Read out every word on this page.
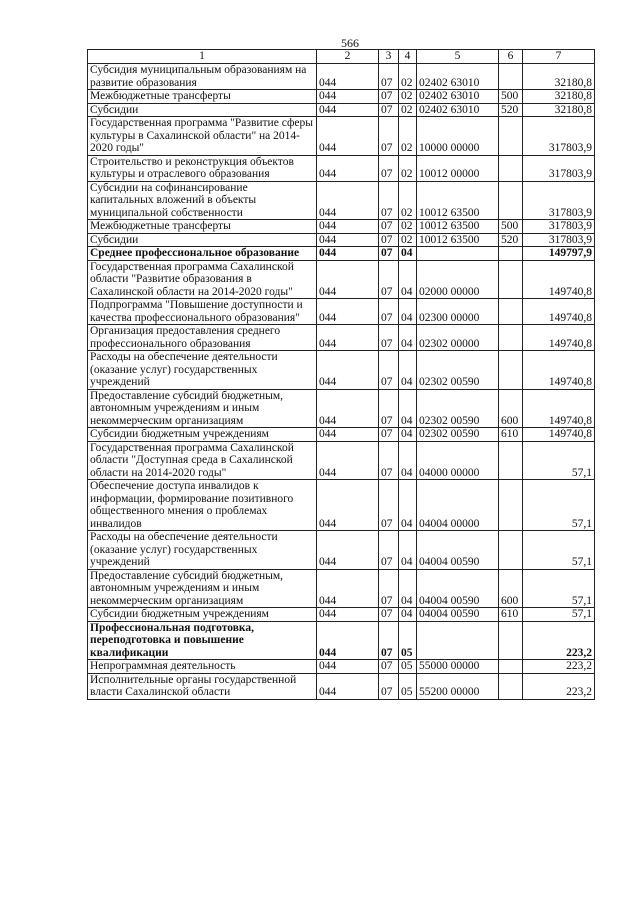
566
1	2	3	4	5	6	7
Субсидия муниципальным образованиям на развитие образования	044	07	02	02402 63010		32180,8
Межбюджетные трансферты	044	07	02	02402 63010	500	32180,8
Субсидии	044	07	02	02402 63010	520	32180,8
Государственная программа "Развитие сферы культуры в Сахалинской области" на 2014-2020 годы"	044	07	02	10000 00000		317803,9
Строительство и реконструкция объектов культуры и отраслевого образования	044	07	02	10012 00000		317803,9
Субсидии на софинансирование капитальных вложений в объекты муниципальной собственности	044	07	02	10012 63500		317803,9
Межбюджетные трансферты	044	07	02	10012 63500	500	317803,9
Субсидии	044	07	02	10012 63500	520	317803,9
Среднее профессиональное образование	044	07	04			149797,9
Государственная программа Сахалинской области "Развитие образования в Сахалинской области на 2014-2020 годы"	044	07	04	02000 00000		149740,8
Подпрограмма "Повышение доступности и качества профессионального образования"	044	07	04	02300 00000		149740,8
Организация предоставления среднего профессионального образования	044	07	04	02302 00000		149740,8
Расходы на обеспечение деятельности (оказание услуг) государственных учреждений	044	07	04	02302 00590		149740,8
Предоставление субсидий бюджетным, автономным учреждениям и иным некоммерческим организациям	044	07	04	02302 00590	600	149740,8
Субсидии бюджетным учреждениям	044	07	04	02302 00590	610	149740,8
Государственная программа Сахалинской области "Доступная среда в Сахалинской области на 2014-2020 годы"	044	07	04	04000 00000		57,1
Обеспечение доступа инвалидов к информации, формирование позитивного общественного мнения о проблемах инвалидов	044	07	04	04004 00000		57,1
Расходы на обеспечение деятельности (оказание услуг) государственных учреждений	044	07	04	04004 00590		57,1
Предоставление субсидий бюджетным, автономным учреждениям и иным некоммерческим организациям	044	07	04	04004 00590	600	57,1
Субсидии бюджетным учреждениям	044	07	04	04004 00590	610	57,1
Профессиональная подготовка, переподготовка и повышение квалификации	044	07	05			223,2
Непрограммная деятельность	044	07	05	55000 00000		223,2
Исполнительные органы государственной власти Сахалинской области	044	07	05	55200 00000		223,2
